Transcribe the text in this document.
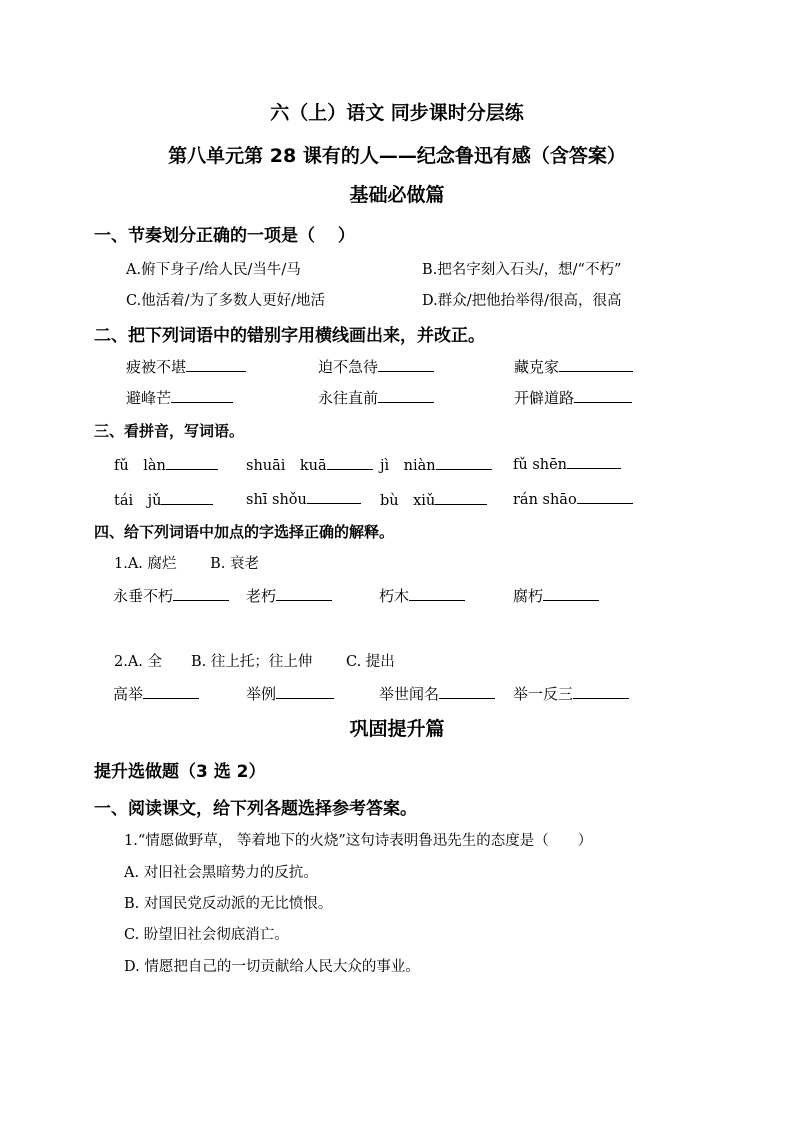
六（上）语文 同步课时分层练
第八单元第 28 课有的人——纪念鲁迅有感（含答案）
基础必做篇
一、节奏划分正确的一项是（　 ）
A.俯下身子/给人民/当牛/马	B.把名字刻入石头/，想/“不朽”
C.他活着/为了多数人更好/地活	D.群众/把他抬举得/很高，很高
二、把下列词语中的错别字用横线画出来，并改正。
疲被不堪	迫不急待	藏克家
避峰芒	永往直前	开僻道路
三、看拼音，写词语。
fǔ　làn	shuāi　kuā	jì　niàn	fǔ shēn
tái　jǔ	shī shǒu	bù　xiǔ	rán shāo
四、给下列词语中加点的字选择正确的解释。
1.A. 腐烂　　 B. 衰老
永垂不朽	老朽	朽木	腐朽
2.A. 全　　B. 往上托；往上伸　　 C. 提出
高举	举例	举世闻名	举一反三
巩固提升篇
提升选做题（3 选 2）
一、阅读课文，给下列各题选择参考答案。
1.“情愿做野草， 等着地下的火烧”这句诗表明鲁迅先生的态度是（　　）
A. 对旧社会黑暗势力的反抗。
B. 对国民党反动派的无比愤恨。
C. 盼望旧社会彻底消亡。
D. 情愿把自己的一切贡献给人民大众的事业。
